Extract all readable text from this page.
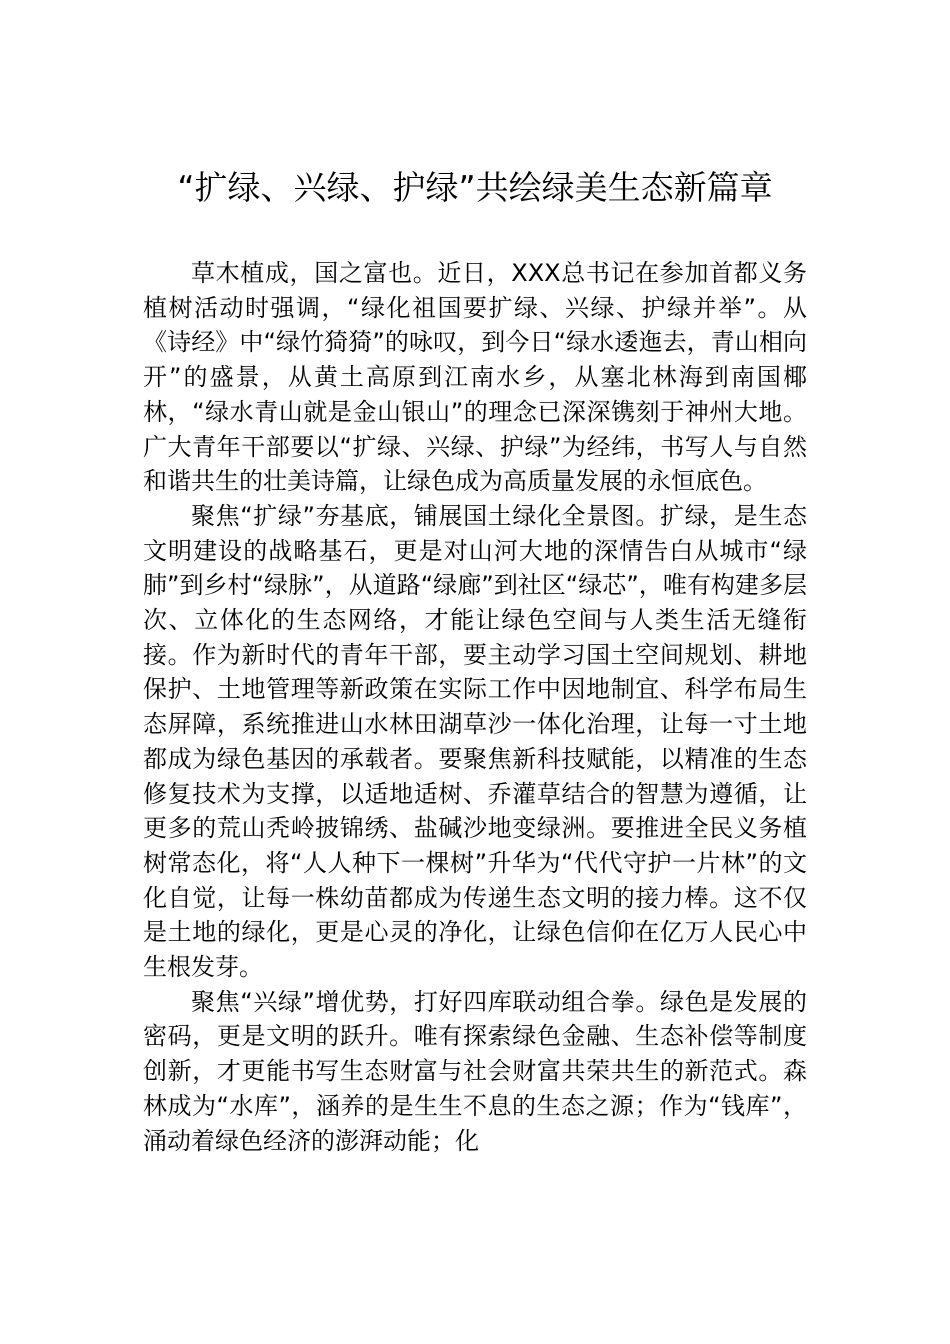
“扩绿、兴绿、护绿”共绘绿美生态新篇章

草木植成，国之富也。近日，XXX总书记在参加首都义务植树活动时强调，“绿化祖国要扩绿、兴绿、护绿并举”。从《诗经》中“绿竹猗猗”的咏叹，到今日“绿水逶迤去，青山相向开”的盛景，从黄土高原到江南水乡，从塞北林海到南国椰林，“绿水青山就是金山银山”的理念已深深镌刻于神州大地。广大青年干部要以“扩绿、兴绿、护绿”为经纬，书写人与自然和谐共生的壮美诗篇，让绿色成为高质量发展的永恒底色。

聚焦“扩绿”夯基底，铺展国土绿化全景图。扩绿，是生态文明建设的战略基石，更是对山河大地的深情告白从城市“绿肺”到乡村“绿脉”，从道路“绿廊”到社区“绿芯”，唯有构建多层次、立体化的生态网络，才能让绿色空间与人类生活无缝衔接。作为新时代的青年干部，要主动学习国土空间规划、耕地保护、土地管理等新政策在实际工作中因地制宜、科学布局生态屏障，系统推进山水林田湖草沙一体化治理，让每一寸土地都成为绿色基因的承载者。要聚焦新科技赋能，以精准的生态修复技术为支撑，以适地适树、乔灌草结合的智慧为遵循，让更多的荒山秃岭披锦绣、盐碱沙地变绿洲。要推进全民义务植树常态化，将“人人种下一棵树”升华为“代代守护一片林”的文化自觉，让每一株幼苗都成为传递生态文明的接力棒。这不仅是土地的绿化，更是心灵的净化，让绿色信仰在亿万人民心中生根发芽。

聚焦“兴绿”增优势，打好四库联动组合拳。绿色是发展的密码，更是文明的跃升。唯有探索绿色金融、生态补偿等制度创新，才更能书写生态财富与社会财富共荣共生的新范式。森林成为“水库”，涵养的是生生不息的生态之源；作为“钱库”，涌动着绿色经济的澎湃动能；化
